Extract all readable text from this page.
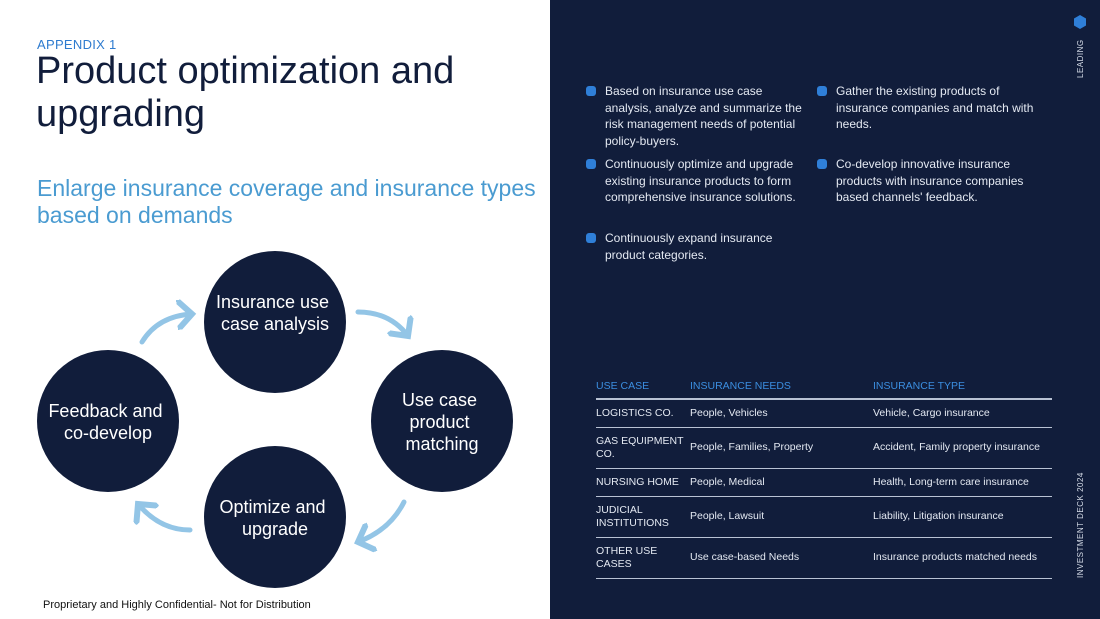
APPENDIX 1
Product optimization and upgrading
Enlarge insurance coverage and insurance types based on demands
Insurance use case analysis
Use case product matching
Optimize and upgrade
Feedback and co-develop
Proprietary and Highly Confidential- Not for Distribution
LEADING
INVESTMENT DECK 2024
Based on insurance use case analysis, analyze and summarize the risk management needs of potential policy-buyers.
Gather the existing products of insurance companies and match with needs.
Continuously optimize and upgrade existing insurance products to form comprehensive insurance solutions.
Co-develop innovative insurance products with insurance companies based channels' feedback.
Continuously expand insurance product categories.
USE CASE	INSURANCE NEEDS	INSURANCE TYPE
LOGISTICS CO.	People, Vehicles	Vehicle, Cargo insurance
GAS EQUIPMENT CO.	People, Families, Property	Accident, Family property insurance
NURSING HOME	People, Medical	Health, Long-term care insurance
JUDICIAL INSTITUTIONS	People, Lawsuit	Liability, Litigation insurance
OTHER USE CASES	Use case-based Needs	Insurance products matched needs
